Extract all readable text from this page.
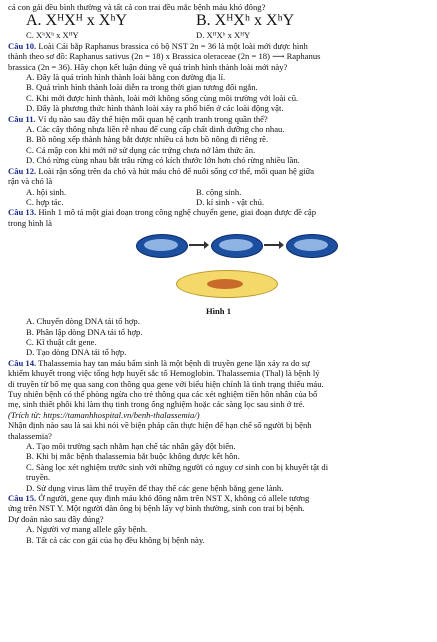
cả con gái đều bình thường và tất cả con trai đều mắc bệnh máu khó đông?
A. XᴴXᴴ x XʰY	B. XᴴXʰ x XʰY
C. XʰXʰ x XᴴY	D. XᴴXʰ x XᴴY
Câu 10. Loài Cải bắp Raphanus brassica có bộ NST 2n = 36 là một loài mới được hình
thành theo sơ đồ: Raphanus sativus (2n = 18) x Brassica oleraceae (2n = 18) ⟶ Raphanus
brassica (2n = 36). Hãy chọn kết luận đúng về quá trình hình thành loài mới này?
A. Đây là quá trình hình thành loài bằng con đường địa lí.
B. Quá trình hình thành loài diễn ra trong thời gian tương đối ngắn.
C. Khi mới được hình thành, loài mới không sống cùng môi trường với loài cũ.
D. Đây là phương thức hình thành loài xảy ra phổ biến ở các loài động vật.
Câu 11. Ví dụ nào sau đây thể hiện mối quan hệ cạnh tranh trong quần thể?
A. Các cây thông nhựa liền rễ nhau để cung cấp chất dinh dưỡng cho nhau.
B. Bồ nông xếp thành hàng bắt được nhiều cá hơn bồ nông đi riêng rẽ.
C. Cá mập con khi mới nở sử dụng các trứng chưa nở làm thức ăn.
D. Chó rừng cùng nhau bắt trâu rừng có kích thước lớn hơn chó rừng nhiều lần.
Câu 12. Loài rận sống trên da chó và hút máu chó để nuôi sống cơ thể, mối quan hệ giữa
rận và chó là
A. hội sinh.	B. cộng sinh.
C. hợp tác.	D. kí sinh - vật chủ.
Câu 13. Hình 1 mô tả một giai đoạn trong công nghệ chuyển gene, giai đoạn được đề cập
trong hình là
Hình 1
A. Chuyển dòng DNA tái tổ hợp.
B. Phân lập dòng DNA tái tổ hợp.
C. Kĩ thuật cắt gene.
D. Tạo dòng DNA tái tổ hợp.
Câu 14. Thalassemia hay tan máu bẩm sinh là một bệnh di truyền gene lặn xảy ra do sự
khiếm khuyết trong việc tổng hợp huyết sắc tố Hemoglobin. Thalassemia (Thal) là bệnh lý
di truyền từ bố mẹ qua sang con thông qua gene với biểu hiện chính là tình trạng thiếu máu.
Tuy nhiên bệnh có thể phòng ngừa cho trẻ thông qua các xét nghiệm tiền hôn nhân của bố
mẹ, sinh thiết phôi khi làm thụ tinh trong ống nghiệm hoặc các sàng lọc sau sinh ở trẻ.
(Trích từ: https://tamanhhospital.vn/benh-thalassemia/)
Nhận định nào sau là sai khi nói về biện pháp cần thực hiện để hạn chế số người bị bệnh
thalassemia?
A. Tạo môi trường sạch nhằm hạn chế tác nhân gây đột biến.
B. Khi bị mắc bệnh thalassemia bắt buộc không được kết hôn.
C. Sàng lọc xét nghiệm trước sinh với những người có nguy cơ sinh con bị khuyết tật di
truyền.
D. Sử dụng virus làm thể truyền để thay thế các gene bệnh bằng gene lành.
Câu 15. Ở người, gene quy định máu khó đông nằm trên NST X, không có allele tương
ứng trên NST Y. Một người đàn ông bị bệnh lấy vợ bình thường, sinh con trai bị bệnh.
Dự đoán nào sau đây đúng?
A. Người vợ mang allele gây bệnh.
B. Tất cả các con gái của họ đều không bị bệnh này.
